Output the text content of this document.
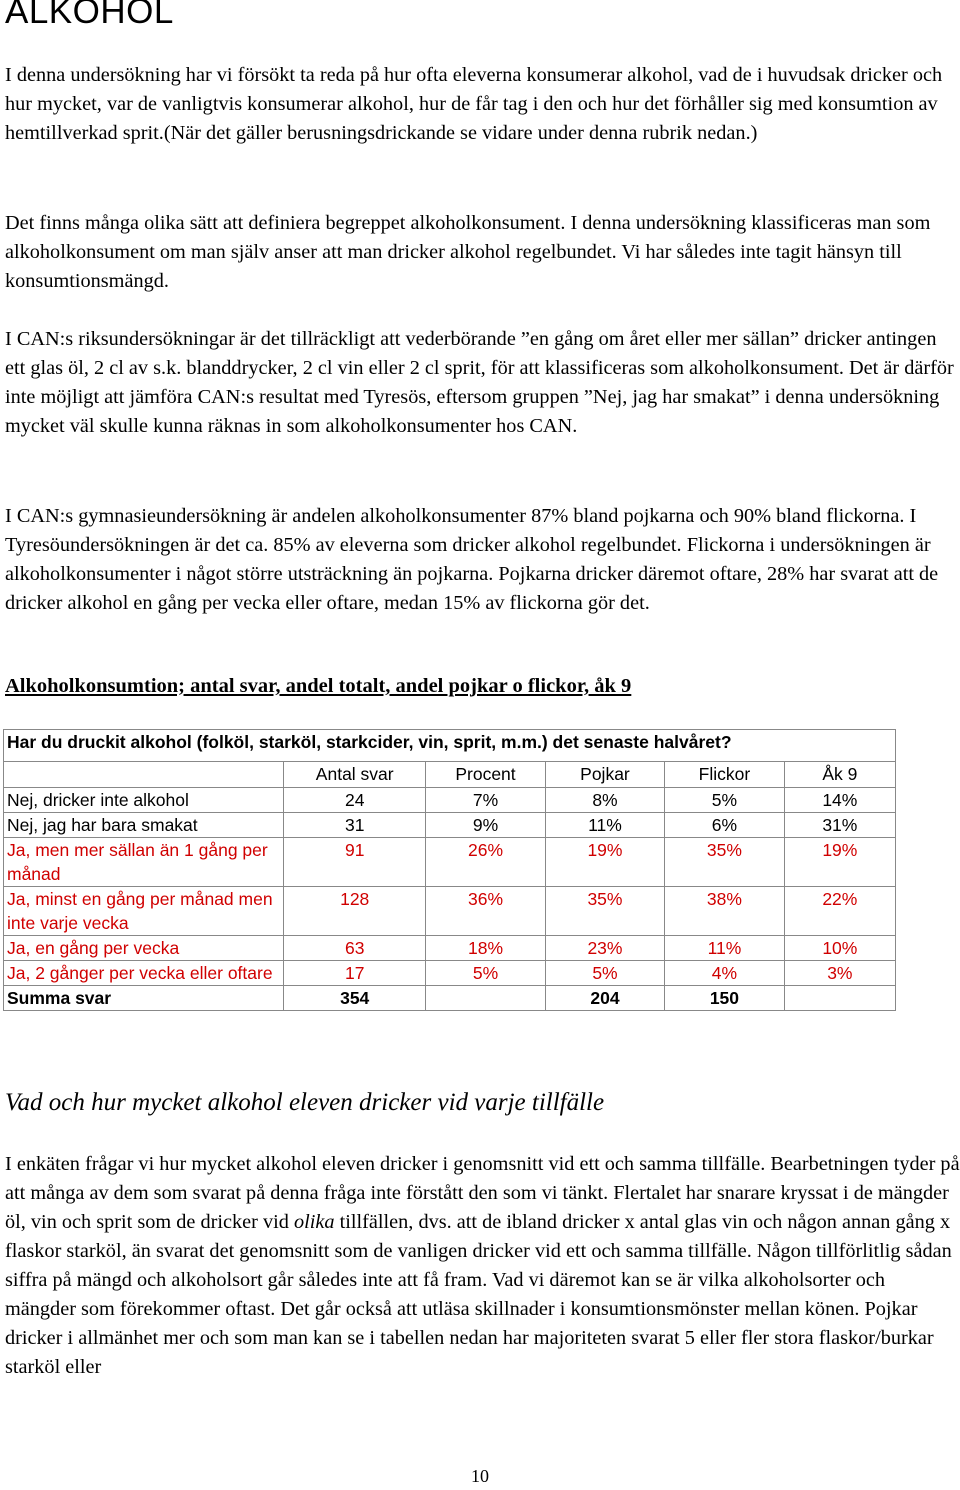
ALKOHOL

I denna undersökning har vi försökt ta reda på hur ofta eleverna konsumerar alkohol, vad de i huvudsak dricker och hur mycket, var de vanligtvis konsumerar alkohol, hur de får tag i den och hur det förhåller sig med konsumtion av hemtillverkad sprit.(När det gäller berusningsdrickande se vidare under denna rubrik nedan.)

Det finns många olika sätt att definiera begreppet alkoholkonsument. I denna undersökning klassificeras man som alkoholkonsument om man själv anser att man dricker alkohol regelbundet. Vi har således inte tagit hänsyn till konsumtionsmängd.

I CAN:s riksundersökningar är det tillräckligt att vederbörande ”en gång om året eller mer sällan” dricker antingen ett glas öl, 2 cl av s.k. blanddrycker, 2 cl vin eller 2 cl sprit, för att klassificeras som alkoholkonsument. Det är därför inte möjligt att jämföra CAN:s resultat med Tyresös, eftersom gruppen ”Nej, jag har smakat” i denna undersökning mycket väl skulle kunna räknas in som alkoholkonsumenter hos CAN.

I CAN:s gymnasieundersökning är andelen alkoholkonsumenter 87% bland pojkarna och 90% bland flickorna. I Tyresöundersökningen är det ca. 85% av eleverna som dricker alkohol regelbundet. Flickorna i undersökningen är alkoholkonsumenter i något större utsträckning än pojkarna. Pojkarna dricker däremot oftare, 28% har svarat att de dricker alkohol en gång per vecka eller oftare, medan 15% av flickorna gör det.

Alkoholkonsumtion; antal svar, andel totalt, andel pojkar o flickor, åk 9
Har du druckit alkohol (folköl, starköl, starkcider, vin, sprit, m.m.) det senaste halvåret?					
	Antal svar	Procent	Pojkar	Flickor	Åk 9
Nej, dricker inte alkohol	24	7%	8%	5%	14%
Nej, jag har bara smakat	31	9%	11%	6%	31%
Ja, men mer sällan än 1 gång per månad	91	26%	19%	35%	19%
Ja, minst en gång per månad men inte varje vecka	128	36%	35%	38%	22%
Ja, en gång per vecka	63	18%	23%	11%	10%
Ja, 2 gånger per vecka eller oftare	17	5%	5%	4%	3%
Summa svar	354		204	150	
Vad och hur mycket alkohol eleven dricker vid varje tillfälle

I enkäten frågar vi hur mycket alkohol eleven dricker i genomsnitt vid ett och samma tillfälle. Bearbetningen tyder på att många av dem som svarat på denna fråga inte förstått den som vi tänkt. Flertalet har snarare kryssat i de mängder öl, vin och sprit som de dricker vid olika tillfällen, dvs. att de ibland dricker x antal glas vin och någon annan gång x flaskor starköl, än svarat det genomsnitt som de vanligen dricker vid ett och samma tillfälle. Någon tillförlitlig sådan siffra på mängd och alkoholsort går således inte att få fram. Vad vi däremot kan se är vilka alkoholsorter och mängder som förekommer oftast. Det går också att utläsa skillnader i konsumtionsmönster mellan könen. Pojkar dricker i allmänhet mer och som man kan se i tabellen nedan har majoriteten svarat 5 eller fler stora flaskor/burkar starköl eller

10
